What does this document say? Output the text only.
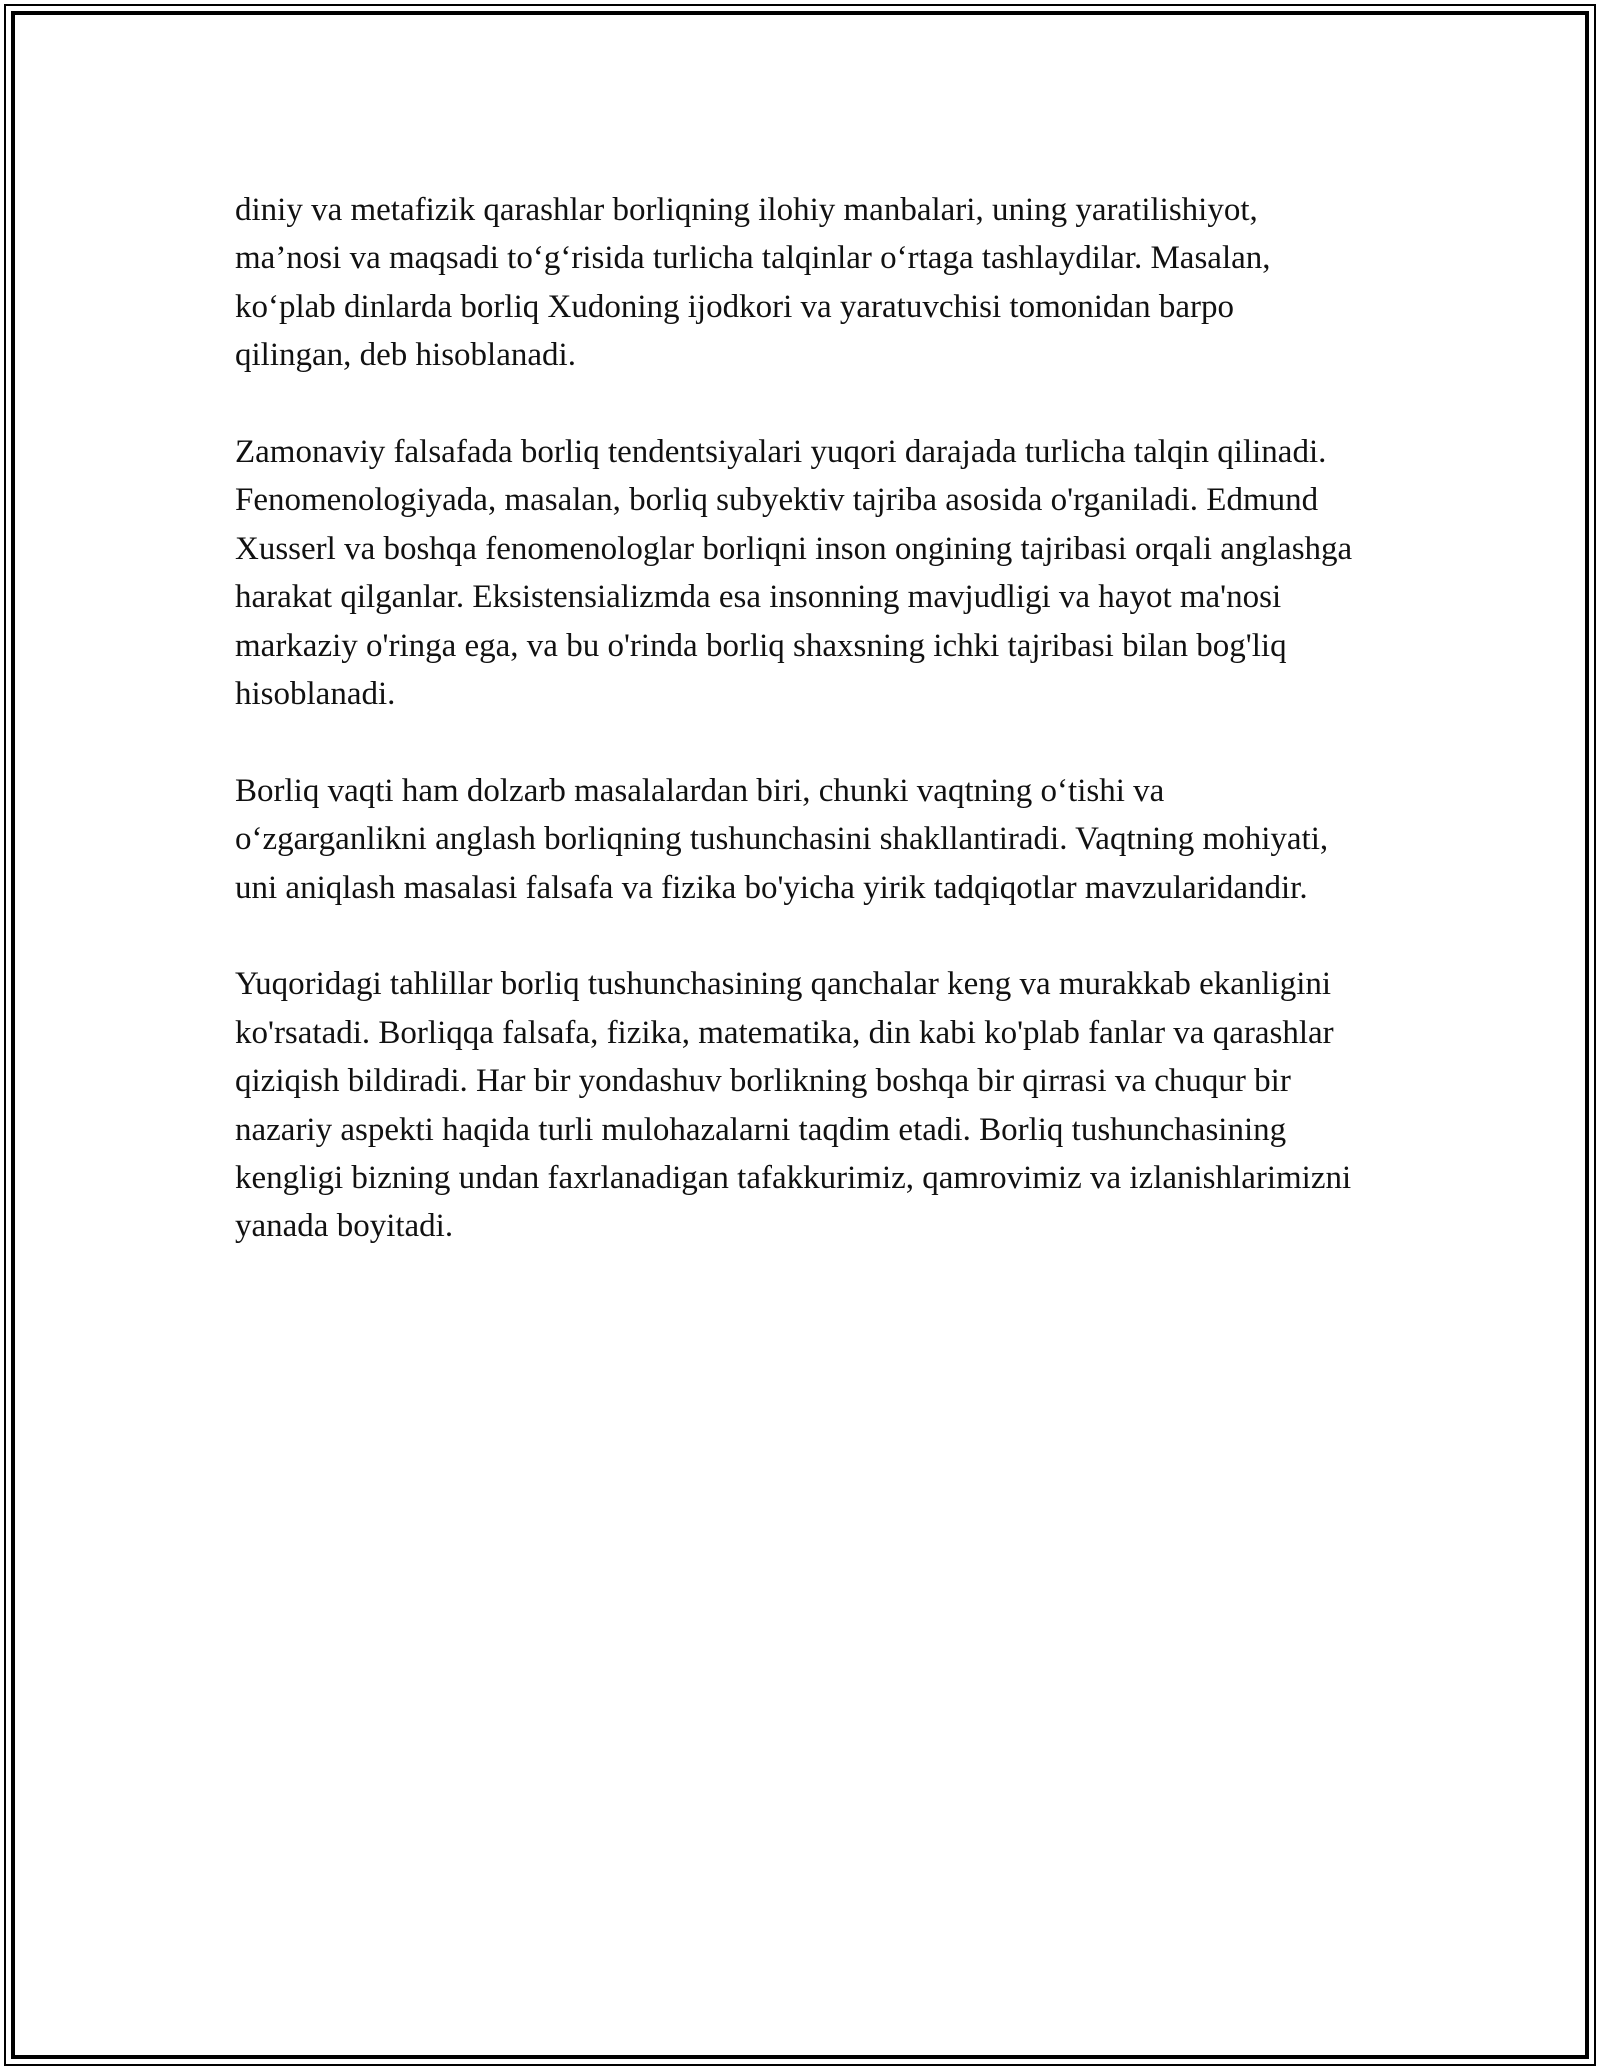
diniy va metafizik qarashlar borliqning ilohiy manbalari, uning yaratilishiyot, ma’nosi va maqsadi to‘g‘risida turlicha talqinlar o‘rtaga tashlaydilar. Masalan, ko‘plab dinlarda borliq Xudoning ijodkori va yaratuvchisi tomonidan barpo qilingan, deb hisoblanadi.

Zamonaviy falsafada borliq tendentsiyalari yuqori darajada turlicha talqin qilinadi. Fenomenologiyada, masalan, borliq subyektiv tajriba asosida o'rganiladi. Edmund Xusserl va boshqa fenomenologlar borliqni inson ongining tajribasi orqali anglashga harakat qilganlar. Eksistensializmda esa insonning mavjudligi va hayot ma'nosi markaziy o'ringa ega, va bu o'rinda borliq shaxsning ichki tajribasi bilan bog'liq hisoblanadi.

Borliq vaqti ham dolzarb masalalardan biri, chunki vaqtning o‘tishi va o‘zgarganlikni anglash borliqning tushunchasini shakllantiradi. Vaqtning mohiyati, uni aniqlash masalasi falsafa va fizika bo'yicha yirik tadqiqotlar mavzularidandir.

Yuqoridagi tahlillar borliq tushunchasining qanchalar keng va murakkab ekanligini ko'rsatadi. Borliqqa falsafa, fizika, matematika, din kabi ko'plab fanlar va qarashlar qiziqish bildiradi. Har bir yondashuv borlikning boshqa bir qirrasi va chuqur bir nazariy aspekti haqida turli mulohazalarni taqdim etadi. Borliq tushunchasining kengligi bizning undan faxrlanadigan tafakkurimiz, qamrovimiz va izlanishlarimizni yanada boyitadi.
